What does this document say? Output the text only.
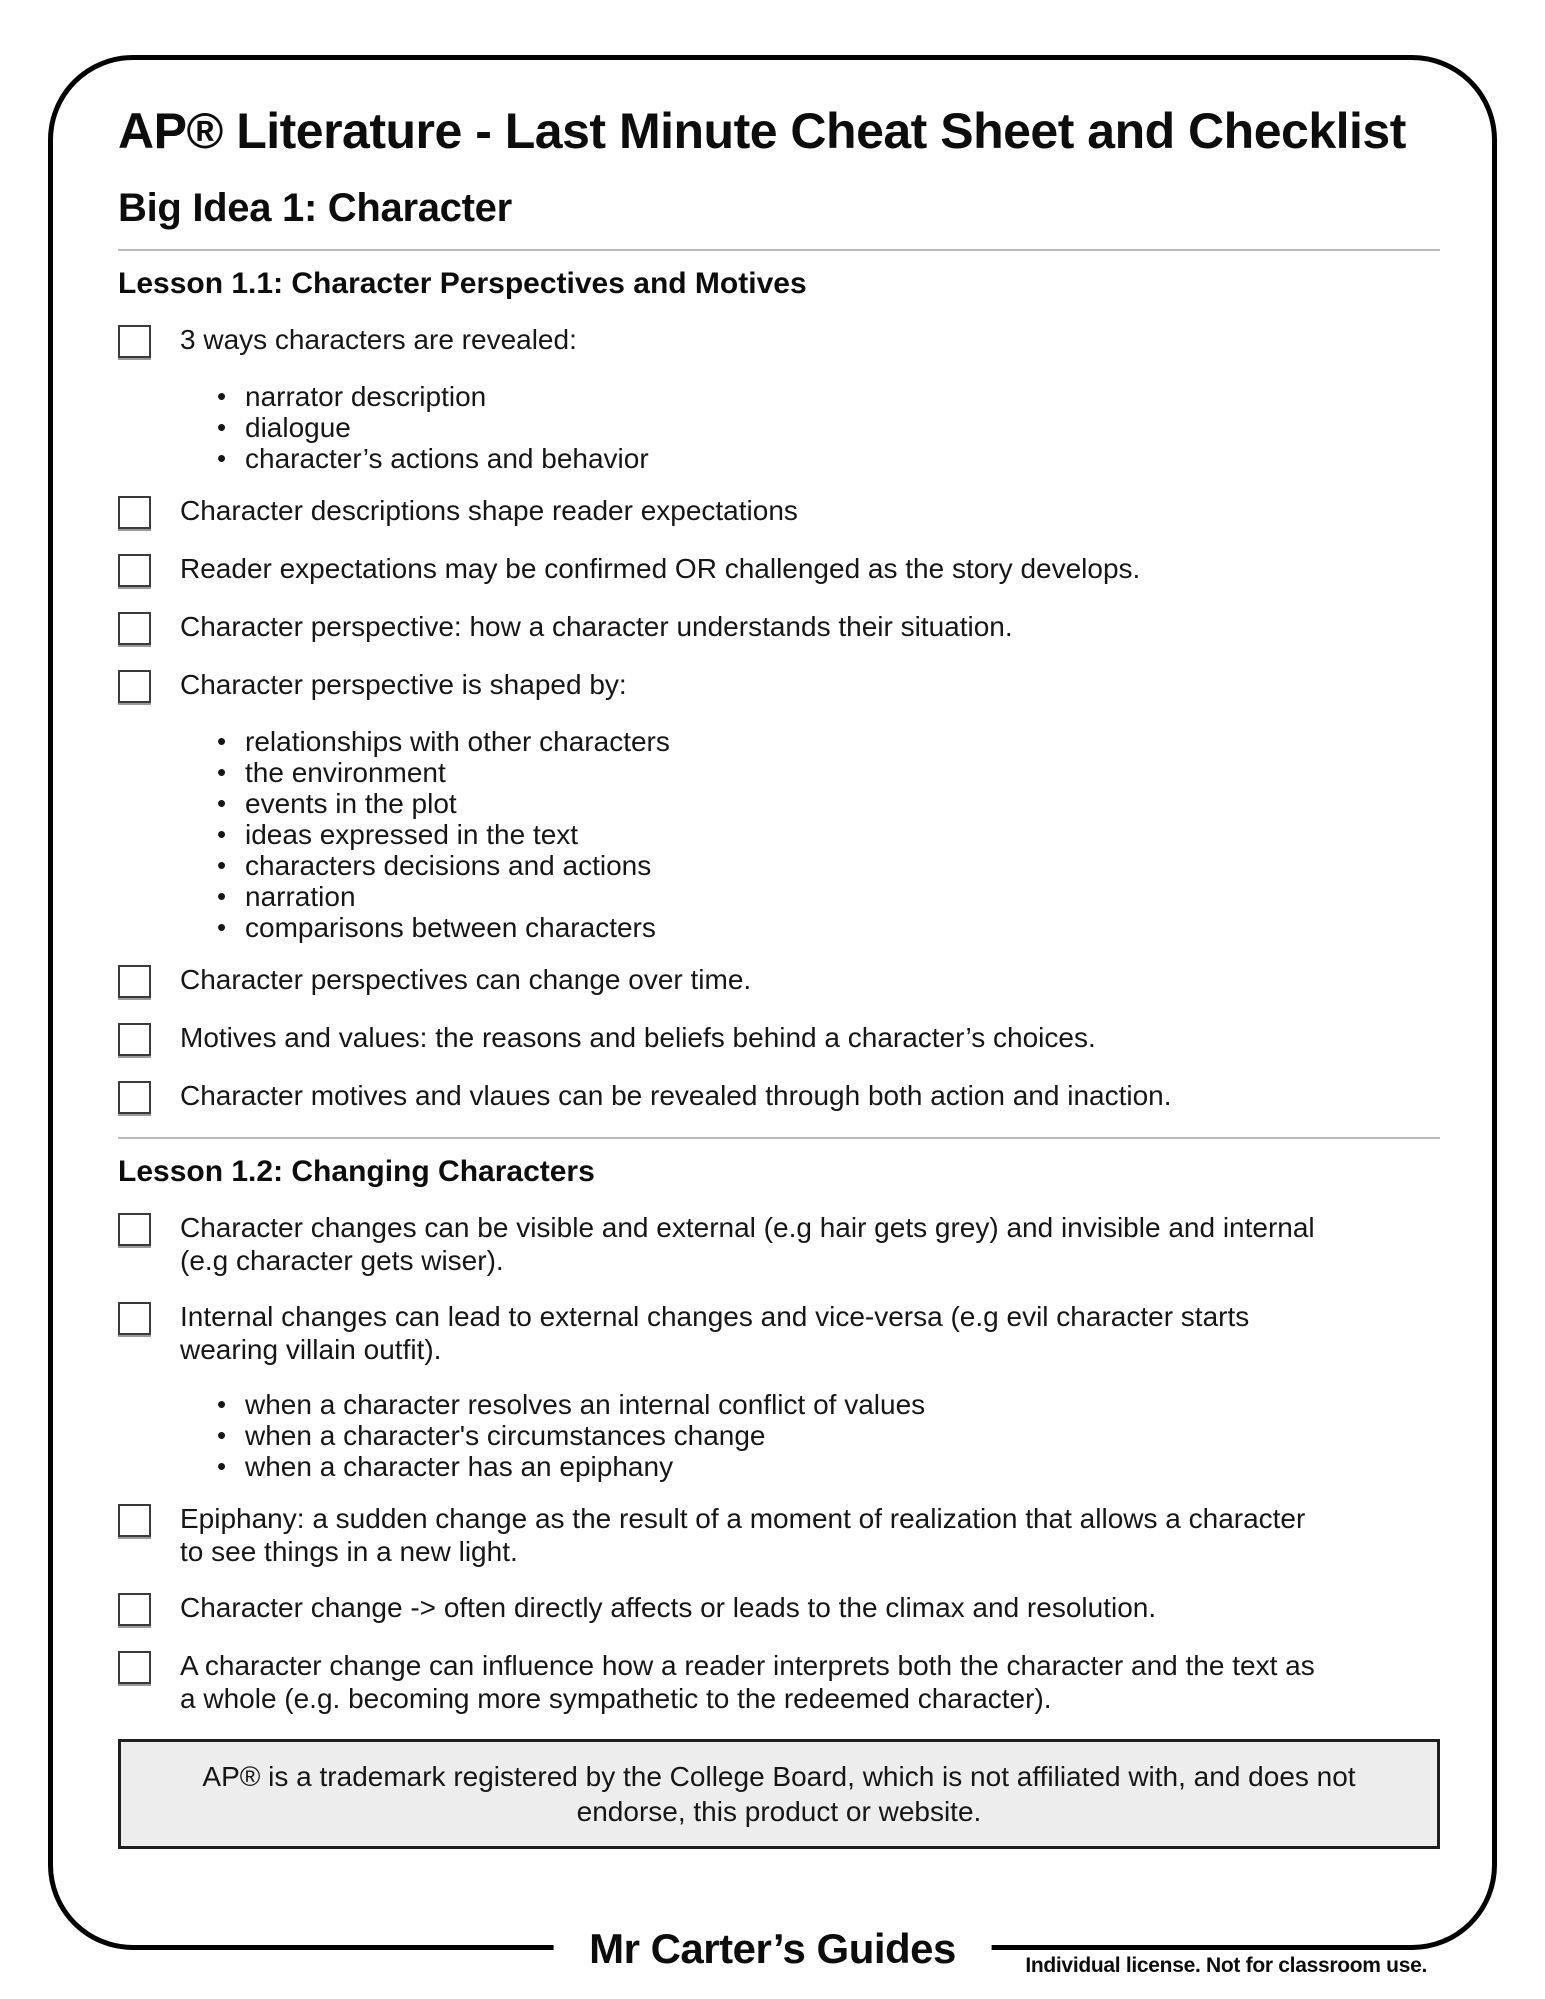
AP® Literature - Last Minute Cheat Sheet and Checklist
Big Idea 1: Character
Lesson 1.1: Character Perspectives and Motives
3 ways characters are revealed:
• narrator description
• dialogue
• character’s actions and behavior
Character descriptions shape reader expectations
Reader expectations may be confirmed OR challenged as the story develops.
Character perspective: how a character understands their situation.
Character perspective is shaped by:
• relationships with other characters
• the environment
• events in the plot
• ideas expressed in the text
• characters decisions and actions
• narration
• comparisons between characters
Character perspectives can change over time.
Motives and values: the reasons and beliefs behind a character’s choices.
Character motives and vlaues can be revealed through both action and inaction.
Lesson 1.2: Changing Characters
Character changes can be visible and external (e.g hair gets grey) and invisible and internal (e.g character gets wiser).
Internal changes can lead to external changes and vice-versa (e.g evil character starts wearing villain outfit).
• when a character resolves an internal conflict of values
• when a character's circumstances change
• when a character has an epiphany
Epiphany: a sudden change as the result of a moment of realization that allows a character to see things in a new light.
Character change -> often directly affects or leads to the climax and resolution.
A character change can influence how a reader interprets both the character and the text as a whole (e.g. becoming more sympathetic to the redeemed character).
AP® is a trademark registered by the College Board, which is not affiliated with, and does not endorse, this product or website.
Mr Carter’s Guides	Individual license. Not for classroom use.
